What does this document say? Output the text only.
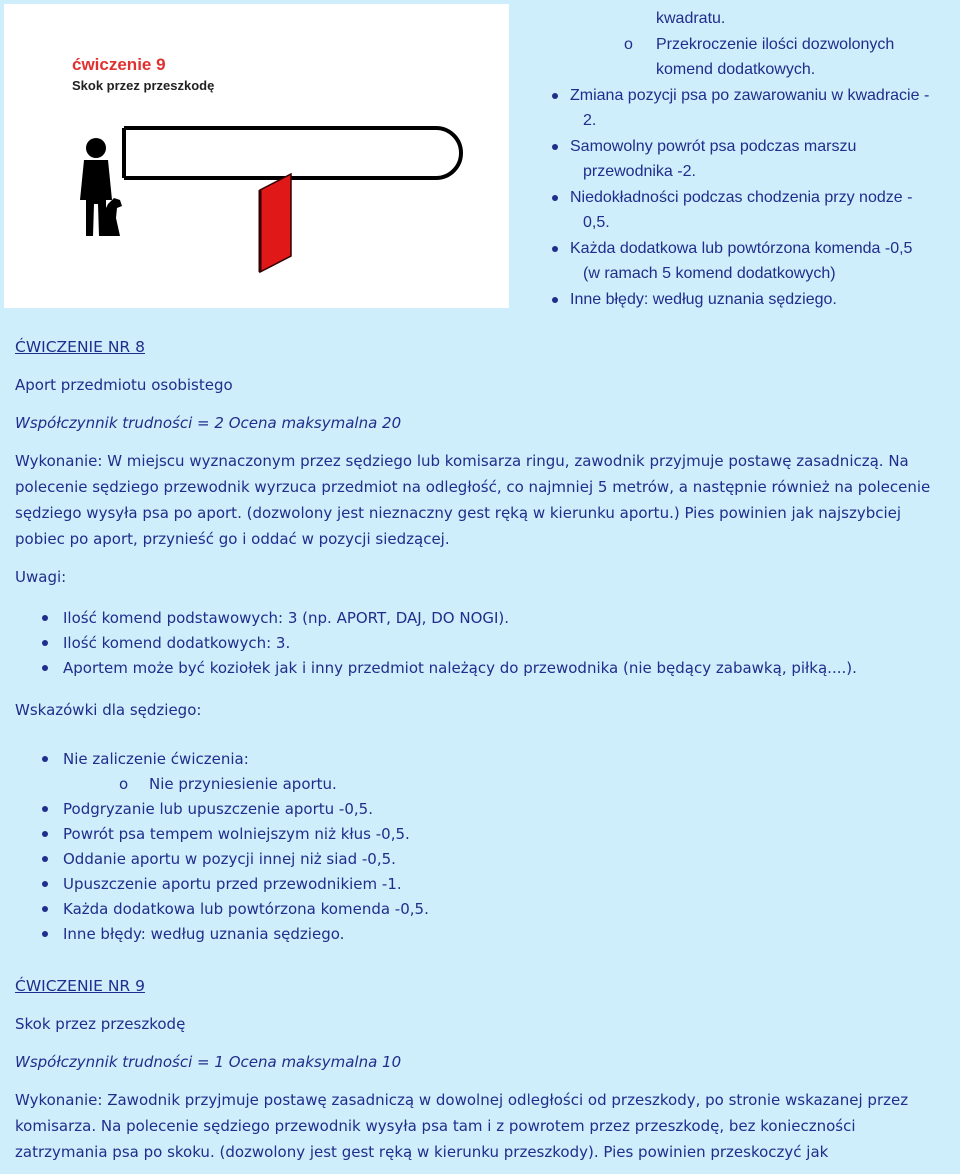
ćwiczenie 9
Skok przez przeszkodę
kwadratu.
o Przekroczenie ilości dozwolonych
komend dodatkowych.
Zmiana pozycji psa po zawarowaniu w kwadracie -
2.
Samowolny powrót psa podczas marszu
przewodnika -2.
Niedokładności podczas chodzenia przy nodze -
0,5.
Każda dodatkowa lub powtórzona komenda -0,5
(w ramach 5 komend dodatkowych)
Inne błędy: według uznania sędziego.
ĆWICZENIE NR 8
Aport przedmiotu osobistego
Współczynnik trudności = 2 Ocena maksymalna 20
Wykonanie: W miejscu wyznaczonym przez sędziego lub komisarza ringu, zawodnik przyjmuje postawę zasadniczą. Na polecenie sędziego przewodnik wyrzuca przedmiot na odległość, co najmniej 5 metrów, a następnie również na polecenie sędziego wysyła psa po aport. (dozwolony jest nieznaczny gest ręką w kierunku aportu.) Pies powinien jak najszybciej pobiec po aport, przynieść go i oddać w pozycji siedzącej.
Uwagi:
Ilość komend podstawowych: 3 (np. APORT, DAJ, DO NOGI).
Ilość komend dodatkowych: 3.
Aportem może być koziołek jak i inny przedmiot należący do przewodnika (nie będący zabawką, piłką....).
Wskazówki dla sędziego:
Nie zaliczenie ćwiczenia:
o Nie przyniesienie aportu.
Podgryzanie lub upuszczenie aportu -0,5.
Powrót psa tempem wolniejszym niż kłus -0,5.
Oddanie aportu w pozycji innej niż siad -0,5.
Upuszczenie aportu przed przewodnikiem -1.
Każda dodatkowa lub powtórzona komenda -0,5.
Inne błędy: według uznania sędziego.
ĆWICZENIE NR 9
Skok przez przeszkodę
Współczynnik trudności = 1 Ocena maksymalna 10
Wykonanie: Zawodnik przyjmuje postawę zasadniczą w dowolnej odległości od przeszkody, po stronie wskazanej przez komisarza. Na polecenie sędziego przewodnik wysyła psa tam i z powrotem przez przeszkodę, bez konieczności zatrzymania psa po skoku. (dozwolony jest gest ręką w kierunku przeszkody). Pies powinien przeskoczyć jak
